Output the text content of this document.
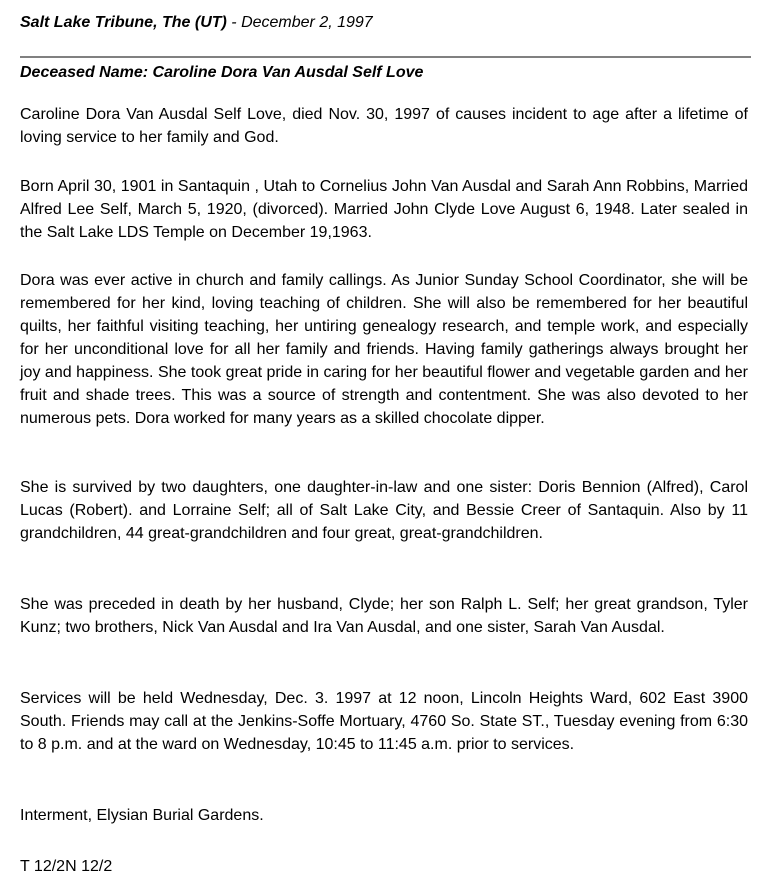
Salt Lake Tribune, The (UT) - December 2, 1997
Deceased Name: Caroline Dora Van Ausdal Self Love

Caroline Dora Van Ausdal Self Love, died Nov. 30, 1997 of causes incident to age after a lifetime of loving service to her family and God.

Born April 30, 1901 in Santaquin , Utah to Cornelius John Van Ausdal and Sarah Ann Robbins, Married Alfred Lee Self, March 5, 1920, (divorced). Married John Clyde Love August 6, 1948. Later sealed in the Salt Lake LDS Temple on December 19,1963.

Dora was ever active in church and family callings. As Junior Sunday School Coordinator, she will be remembered for her kind, loving teaching of children. She will also be remembered for her beautiful quilts, her faithful visiting teaching, her untiring genealogy research, and temple work, and especially for her unconditional love for all her family and friends. Having family gatherings always brought her joy and happiness. She took great pride in caring for her beautiful flower and vegetable garden and her fruit and shade trees. This was a source of strength and contentment. She was also devoted to her numerous pets. Dora worked for many years as a skilled chocolate dipper.

She is survived by two daughters, one daughter-in-law and one sister: Doris Bennion (Alfred), Carol Lucas (Robert). and Lorraine Self; all of Salt Lake City, and Bessie Creer of Santaquin. Also by 11 grandchildren, 44 great-grandchildren and four great, great-grandchildren.

She was preceded in death by her husband, Clyde; her son Ralph L. Self; her great grandson, Tyler Kunz; two brothers, Nick Van Ausdal and Ira Van Ausdal, and one sister, Sarah Van Ausdal.

Services will be held Wednesday, Dec. 3. 1997 at 12 noon, Lincoln Heights Ward, 602 East 3900 South. Friends may call at the Jenkins-Soffe Mortuary, 4760 So. State ST., Tuesday evening from 6:30 to 8 p.m. and at the ward on Wednesday, 10:45 to 11:45 a.m. prior to services.

Interment, Elysian Burial Gardens.

T 12/2N 12/2
